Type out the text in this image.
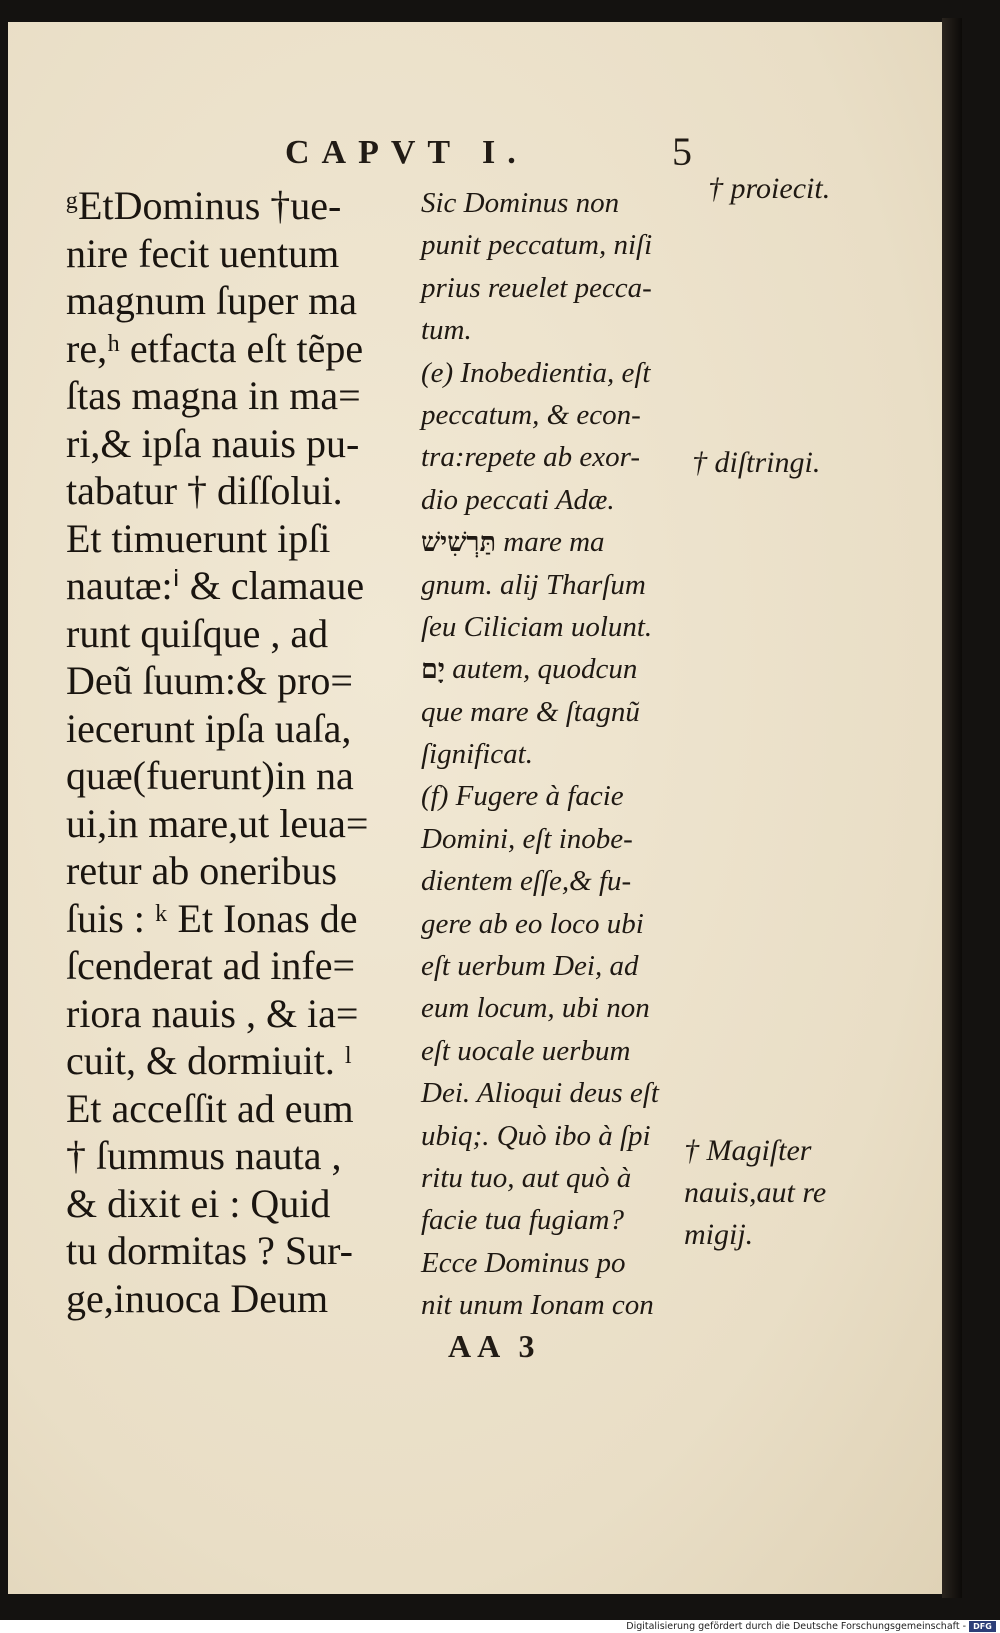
CAPVT I.	5
ᵍEtDominus †ue-
nire fecit uentum
magnum ſuper ma
re,ʰ etfacta eſt tẽpe
ſtas magna in ma=
ri,& ipſa nauis pu-
tabatur † diſſolui.
Et timuerunt ipſi
nautæ:ⁱ & clamaue
runt quiſque , ad
Deũ ſuum:& pro=
iecerunt ipſa uaſa,
quæ(fuerunt)in na
ui,in mare,ut leua=
retur ab oneribus
ſuis : ᵏ Et Ionas de
ſcenderat ad infe=
riora nauis , & ia=
cuit, & dormiuit. ˡ
Et acceſſit ad eum
† ſummus nauta ,
& dixit ei : Quid
tu dormitas ? Sur-
ge,inuoca Deum
Sic Dominus non
punit peccatum, niſi
prius reuelet pecca-
tum.
(e) Inobedientia, eſt
peccatum, & econ-
tra:repete ab exor-
dio peccati Adæ.
תַּרְשִׁישׁ mare ma
gnum. alij Tharſum
ſeu Ciliciam uolunt.
יָם autem, quodcun
que mare & ſtagnũ
ſignificat.
(f) Fugere à facie
Domini, eſt inobe-
dientem eſſe,& fu-
gere ab eo loco ubi
eſt uerbum Dei, ad
eum locum, ubi non
eſt uocale uerbum
Dei. Alioqui deus eſt
ubiq;. Quò ibo à ſpi
ritu tuo, aut quò à
facie tua fugiam?
Ecce Dominus po
nit unum Ionam con
† proiecit.
† diſtringi.
† Magiſter
nauis,aut re
migij.
AA 3
Digitalisierung gefördert durch die Deutsche Forschungsgemeinschaft - DFG
